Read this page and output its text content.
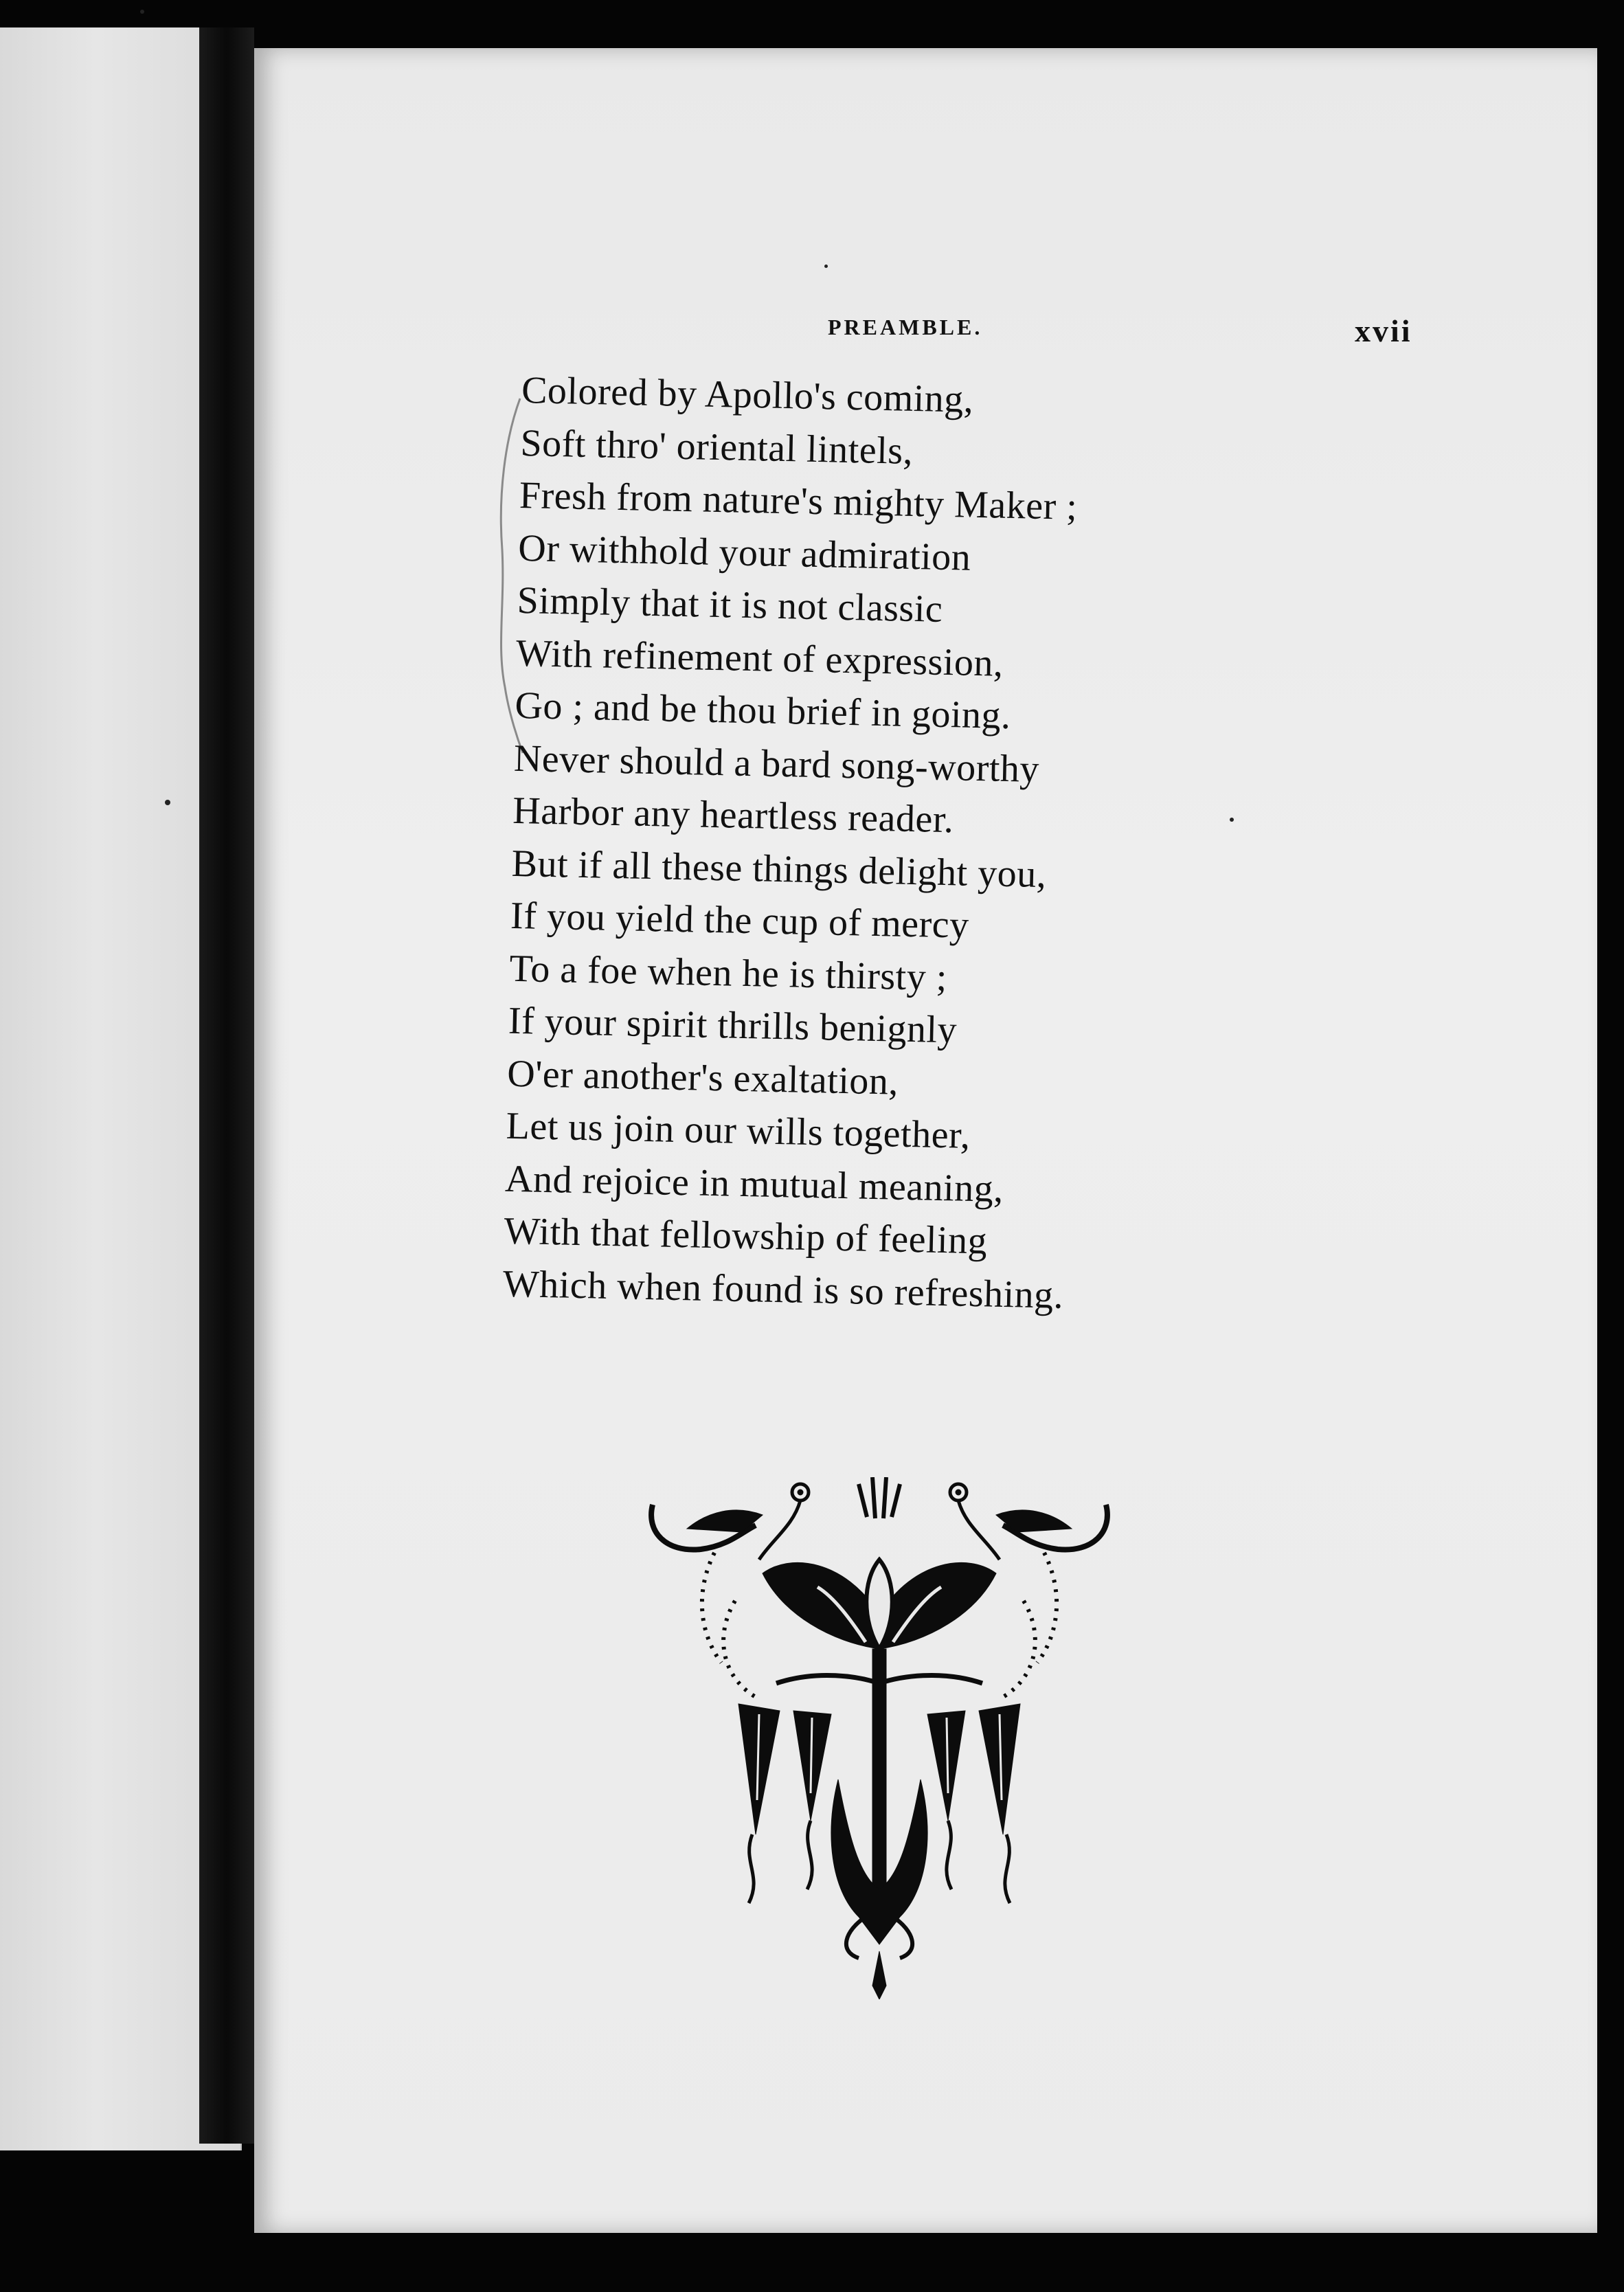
PREAMBLE.	xvii
Colored by Apollo's coming,
Soft thro' oriental lintels,
Fresh from nature's mighty Maker ;
Or withhold your admiration
Simply that it is not classic
With refinement of expression,
Go ; and be thou brief in going.
Never should a bard song-worthy
Harbor any heartless reader.
But if all these things delight you,
If you yield the cup of mercy
To a foe when he is thirsty ;
If your spirit thrills benignly
O'er another's exaltation,
Let us join our wills together,
And rejoice in mutual meaning,
With that fellowship of feeling
Which when found is so refreshing.
